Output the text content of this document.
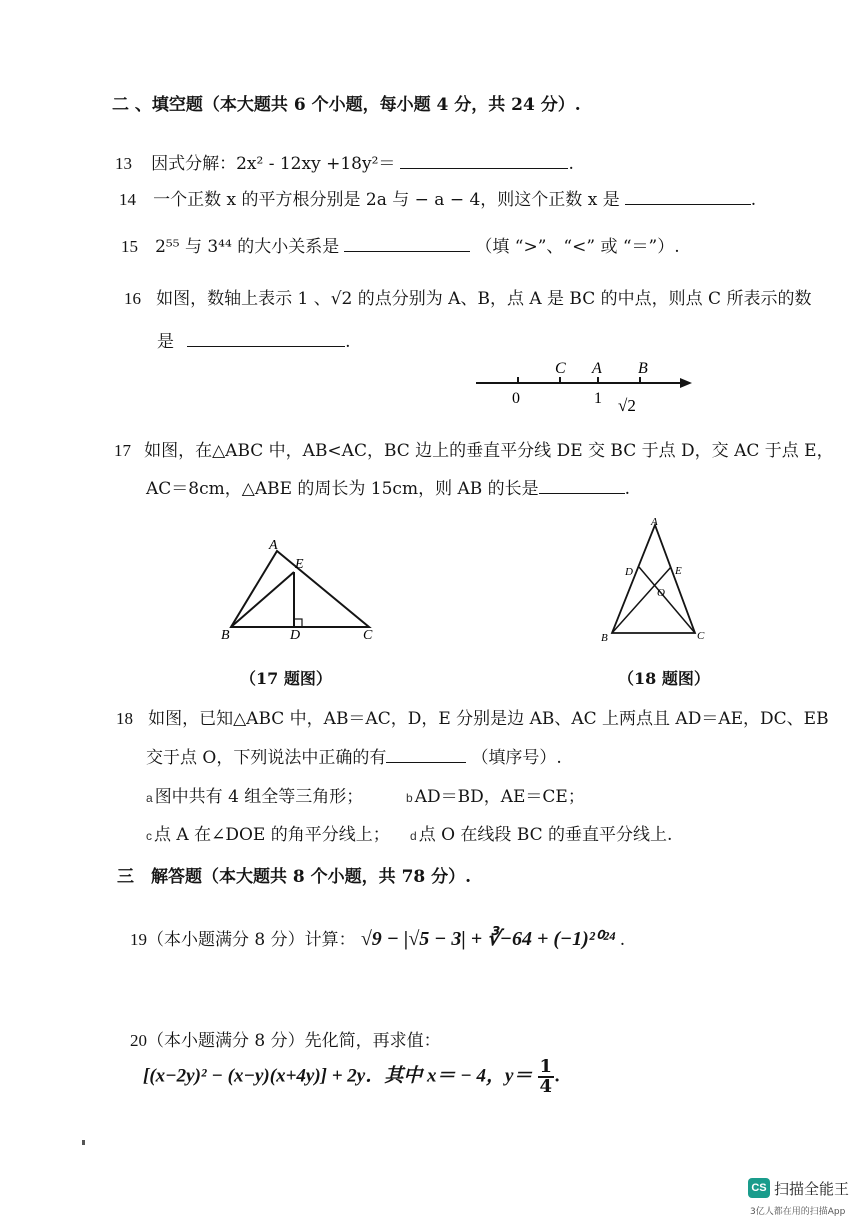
二 、填空题（本大题共 6 个小题，每小题 4 分，共 24 分）.
13 因式分解：2x² - 12xy +18y²＝	.
14 一个正数 x 的平方根分别是 2a 与 − a − 4，则这个正数 x 是	.
15 2⁵⁵ 与 3⁴⁴ 的大小关系是	（填 “>”、“<” 或 “＝”）.
16 如图，数轴上表示 1 、√2 的点分别为 A、B，点 A 是 BC 的中点，则点 C 所表示的数
是	.
C A B
0	1 √2
17 如图，在△ABC 中，AB<AC，BC 边上的垂直平分线 DE 交 BC 于点 D，交 AC 于点 E，
AC＝8cm，△ABE 的周长为 15cm，则 AB 的长是	.
A
E
B	D	C
A
D	E
O
B	C
（17 题图）	（18 题图）
18 如图，已知△ABC 中，AB＝AC，D，E 分别是边 AB、AC 上两点且 AD＝AE，DC、EB
交于点 O，下列说法中正确的有	（填序号）.
a 图中共有 4 组全等三角形；	b AD＝BD，AE＝CE；
c 点 A 在∠DOE 的角平分线上； d 点 O 在线段 BC 的垂直平分线上.
三　解答题（本大题共 8 个小题，共 78 分）.
19（本小题满分 8 分）计算： √9 − |√5 − 3| + ∛−64 + (−1)²⁰²⁴ .
20（本小题满分 8 分）先化简，再求值：
[(x−2y)² − (x−y)(x+4y)] + 2y．其中 x＝ − 4，$y= \frac{1}{4}$ .
CS 扫描全能王
3亿人都在用的扫描App
